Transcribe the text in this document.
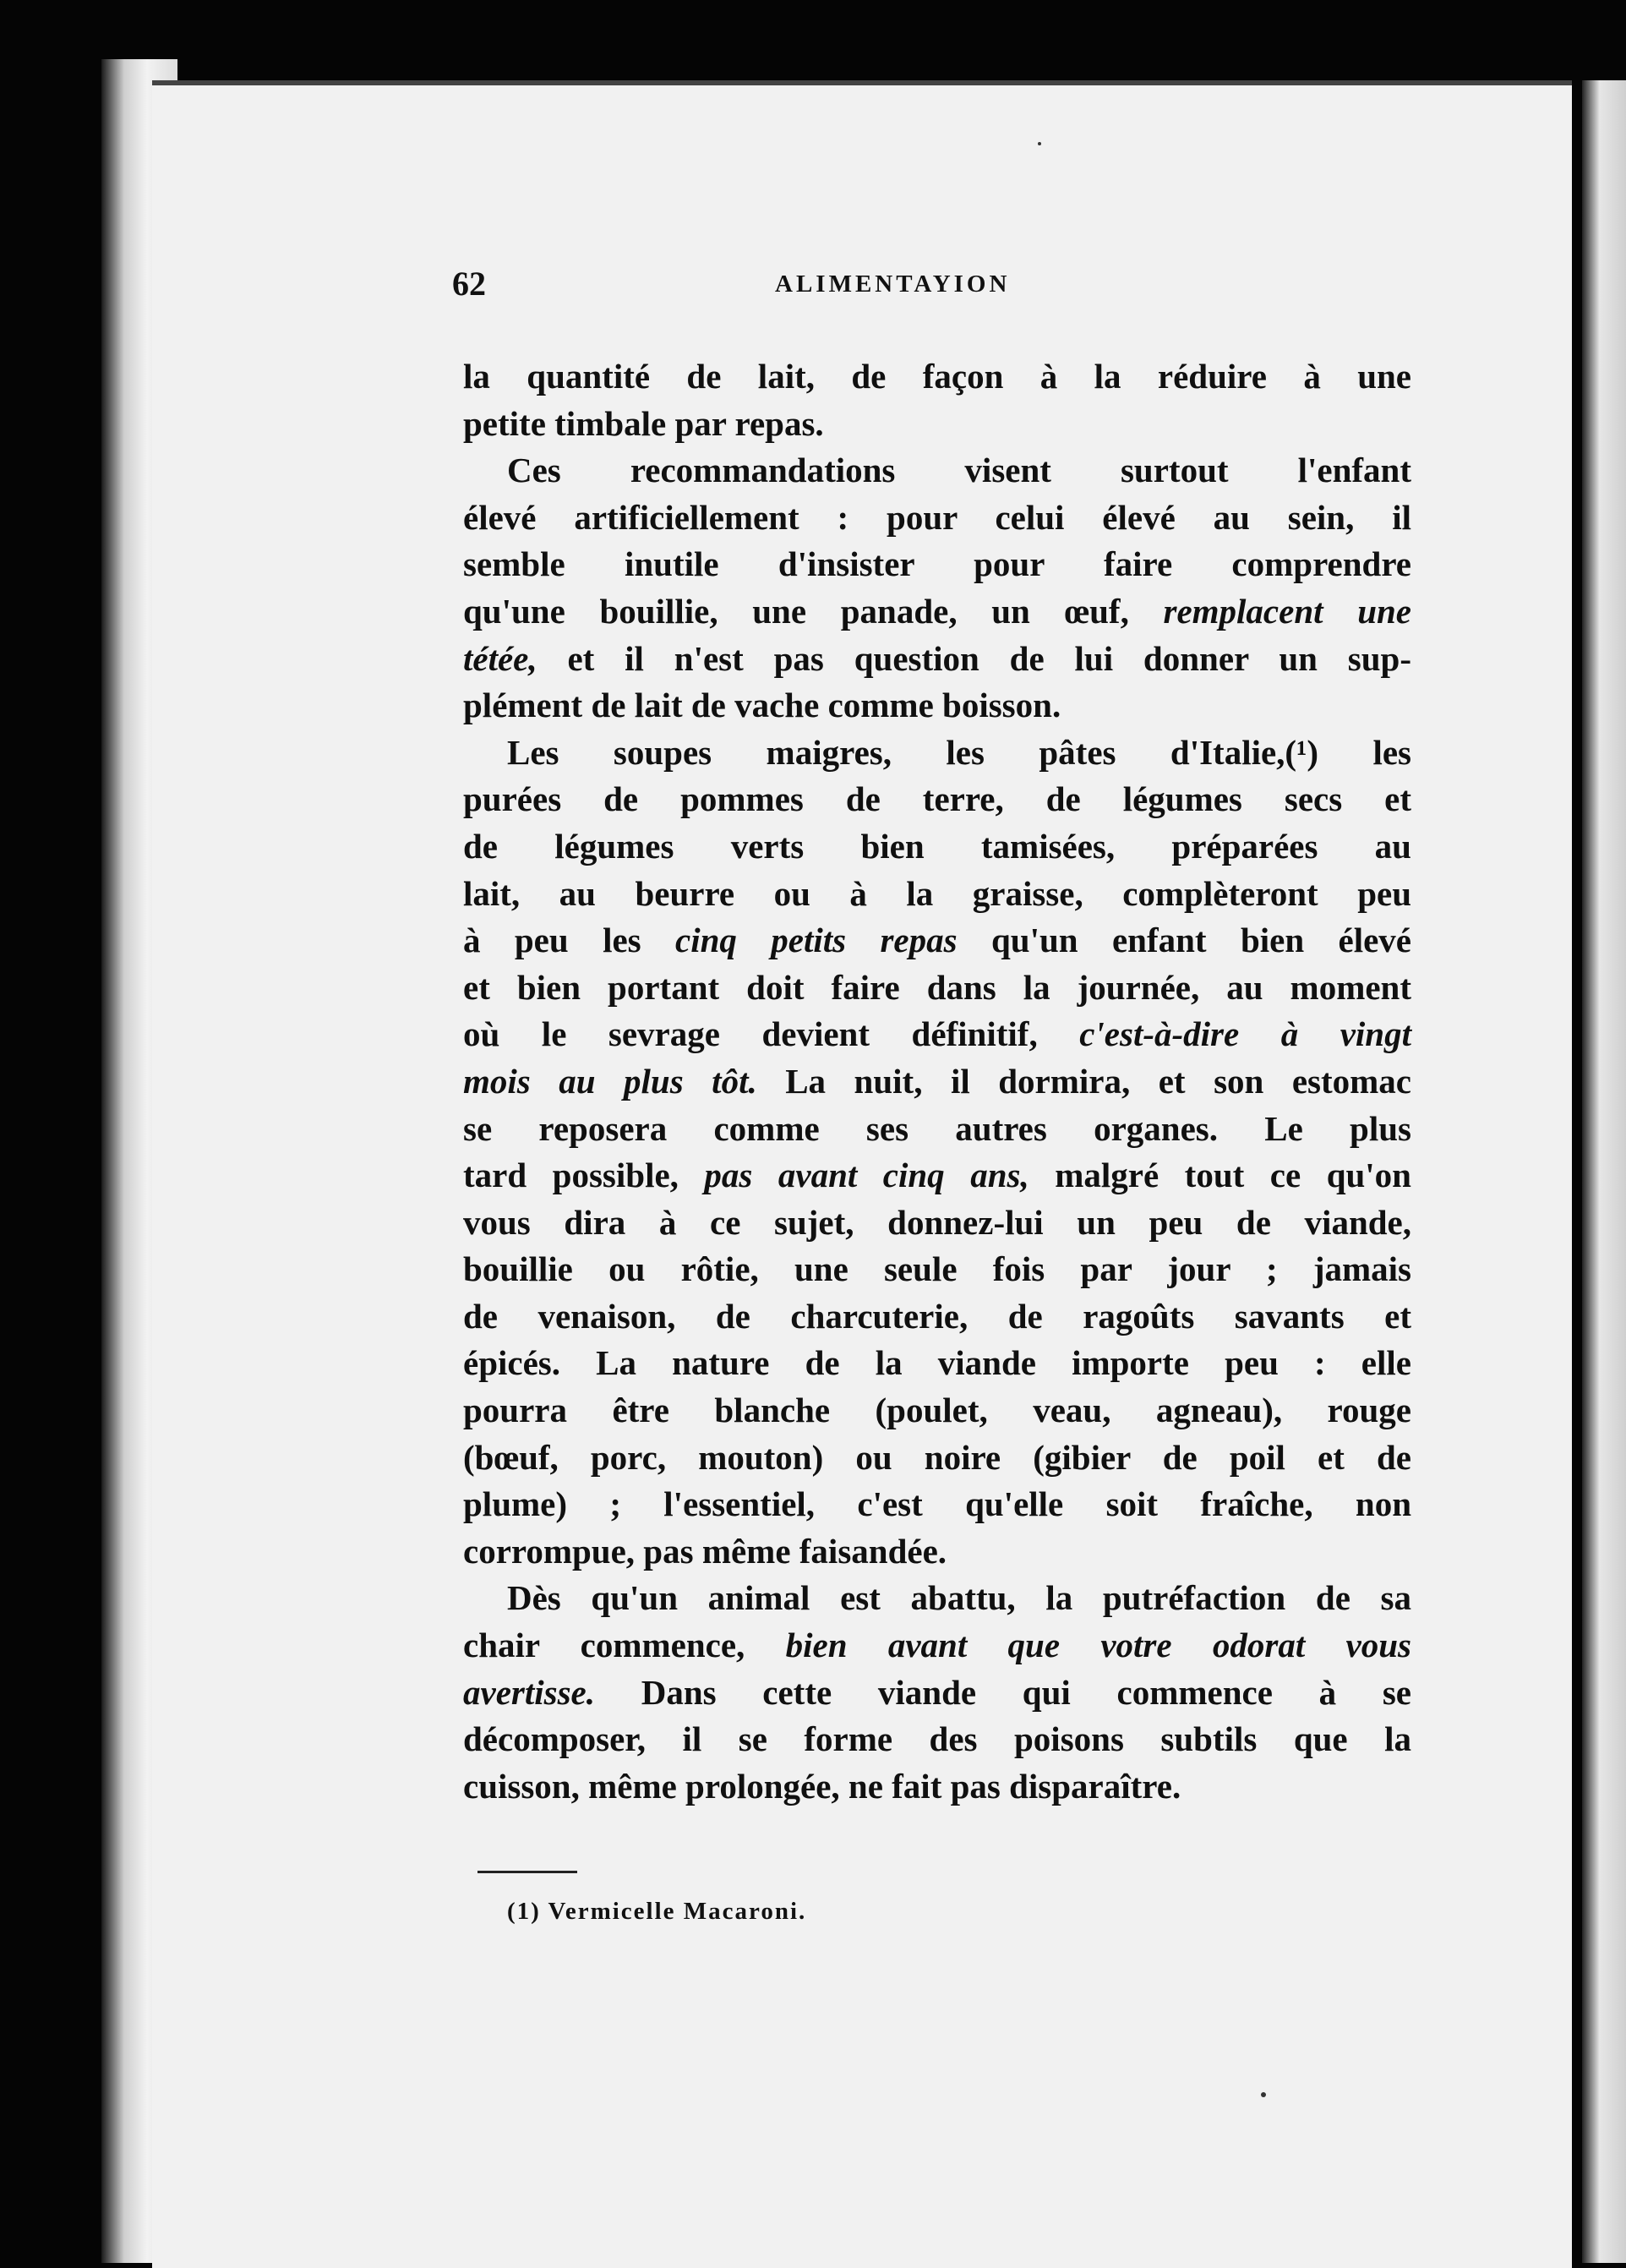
62	ALIMENTAYION
la quantité de lait, de façon à la réduire à une
petite timbale par repas.
Ces recommandations visent surtout l'enfant
élevé artificiellement : pour celui élevé au sein, il
semble inutile d'insister pour faire comprendre
qu'une bouillie, une panade, un œuf, remplacent une
tétée, et il n'est pas question de lui donner un sup-
plément de lait de vache comme boisson.
Les soupes maigres, les pâtes d'Italie,(¹) les
purées de pommes de terre, de légumes secs et
de légumes verts bien tamisées, préparées au
lait, au beurre ou à la graisse, complèteront peu
à peu les cinq petits repas qu'un enfant bien élevé
et bien portant doit faire dans la journée, au moment
où le sevrage devient définitif, c'est-à-dire à vingt
mois au plus tôt. La nuit, il dormira, et son estomac
se reposera comme ses autres organes. Le plus
tard possible, pas avant cinq ans, malgré tout ce qu'on
vous dira à ce sujet, donnez-lui un peu de viande,
bouillie ou rôtie, une seule fois par jour ; jamais
de venaison, de charcuterie, de ragoûts savants et
épicés. La nature de la viande importe peu : elle
pourra être blanche (poulet, veau, agneau), rouge
(bœuf, porc, mouton) ou noire (gibier de poil et de
plume) ; l'essentiel, c'est qu'elle soit fraîche, non
corrompue, pas même faisandée.
Dès qu'un animal est abattu, la putréfaction de sa
chair commence, bien avant que votre odorat vous
avertisse. Dans cette viande qui commence à se
décomposer, il se forme des poisons subtils que la
cuisson, même prolongée, ne fait pas disparaître.
(1) Vermicelle Macaroni.
